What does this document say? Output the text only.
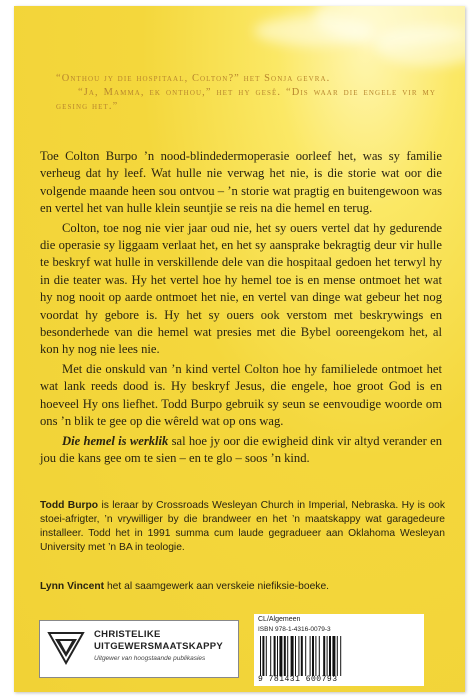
“Onthou jy die hospitaal, Colton?” het Sonja gevra.

“Ja, Mamma, ek onthou,” het hy gesê. “Dis waar die engele vir my gesing het.”

Toe Colton Burpo ’n nood-blindedermoperasie oorleef het, was sy familie verheug dat hy leef. Wat hulle nie verwag het nie, is die storie wat oor die volgende maande heen sou ontvou – ’n storie wat pragtig en buitengewoon was en vertel het van hulle klein seuntjie se reis na die hemel en terug.

Colton, toe nog nie vier jaar oud nie, het sy ouers vertel dat hy gedurende die operasie sy liggaam verlaat het, en het sy aansprake bekragtig deur vir hulle te beskryf wat hulle in verskillende dele van die hospitaal gedoen het terwyl hy in die teater was. Hy het vertel hoe hy hemel toe is en mense ontmoet het wat hy nog nooit op aarde ontmoet het nie, en vertel van dinge wat gebeur het nog voordat hy gebore is. Hy het sy ouers ook verstom met beskrywings en besonderhede van die hemel wat presies met die Bybel ooreengekom het, al kon hy nog nie lees nie.

Met die onskuld van ’n kind vertel Colton hoe hy familielede ontmoet het wat lank reeds dood is. Hy beskryf Jesus, die engele, hoe groot God is en hoeveel Hy ons liefhet. Todd Burpo gebruik sy seun se eenvoudige woorde om ons ’n blik te gee op die wêreld wat op ons wag.

Die hemel is werklik sal hoe jy oor die ewigheid dink vir altyd verander en jou die kans gee om te sien – en te glo – soos ’n kind.

Todd Burpo is leraar by Crossroads Wesleyan Church in Imperial, Nebraska. Hy is ook stoei-afrigter, ’n vrywilliger by die brandweer en het ’n maatskappy wat garagedeure installeer. Todd het in 1991 summa cum laude gegradueer aan Oklahoma Wesleyan University met ’n BA in teologie.

Lynn Vincent het al saamgewerk aan verskeie niefiksie-boeke.
CHRISTELIKE
UITGEWERSMAATSKAPPY
Uitgewer van hoogstaande publikasies
CL/Algemeen
ISBN 978-1-4316-0079-3
9 781431 600793
